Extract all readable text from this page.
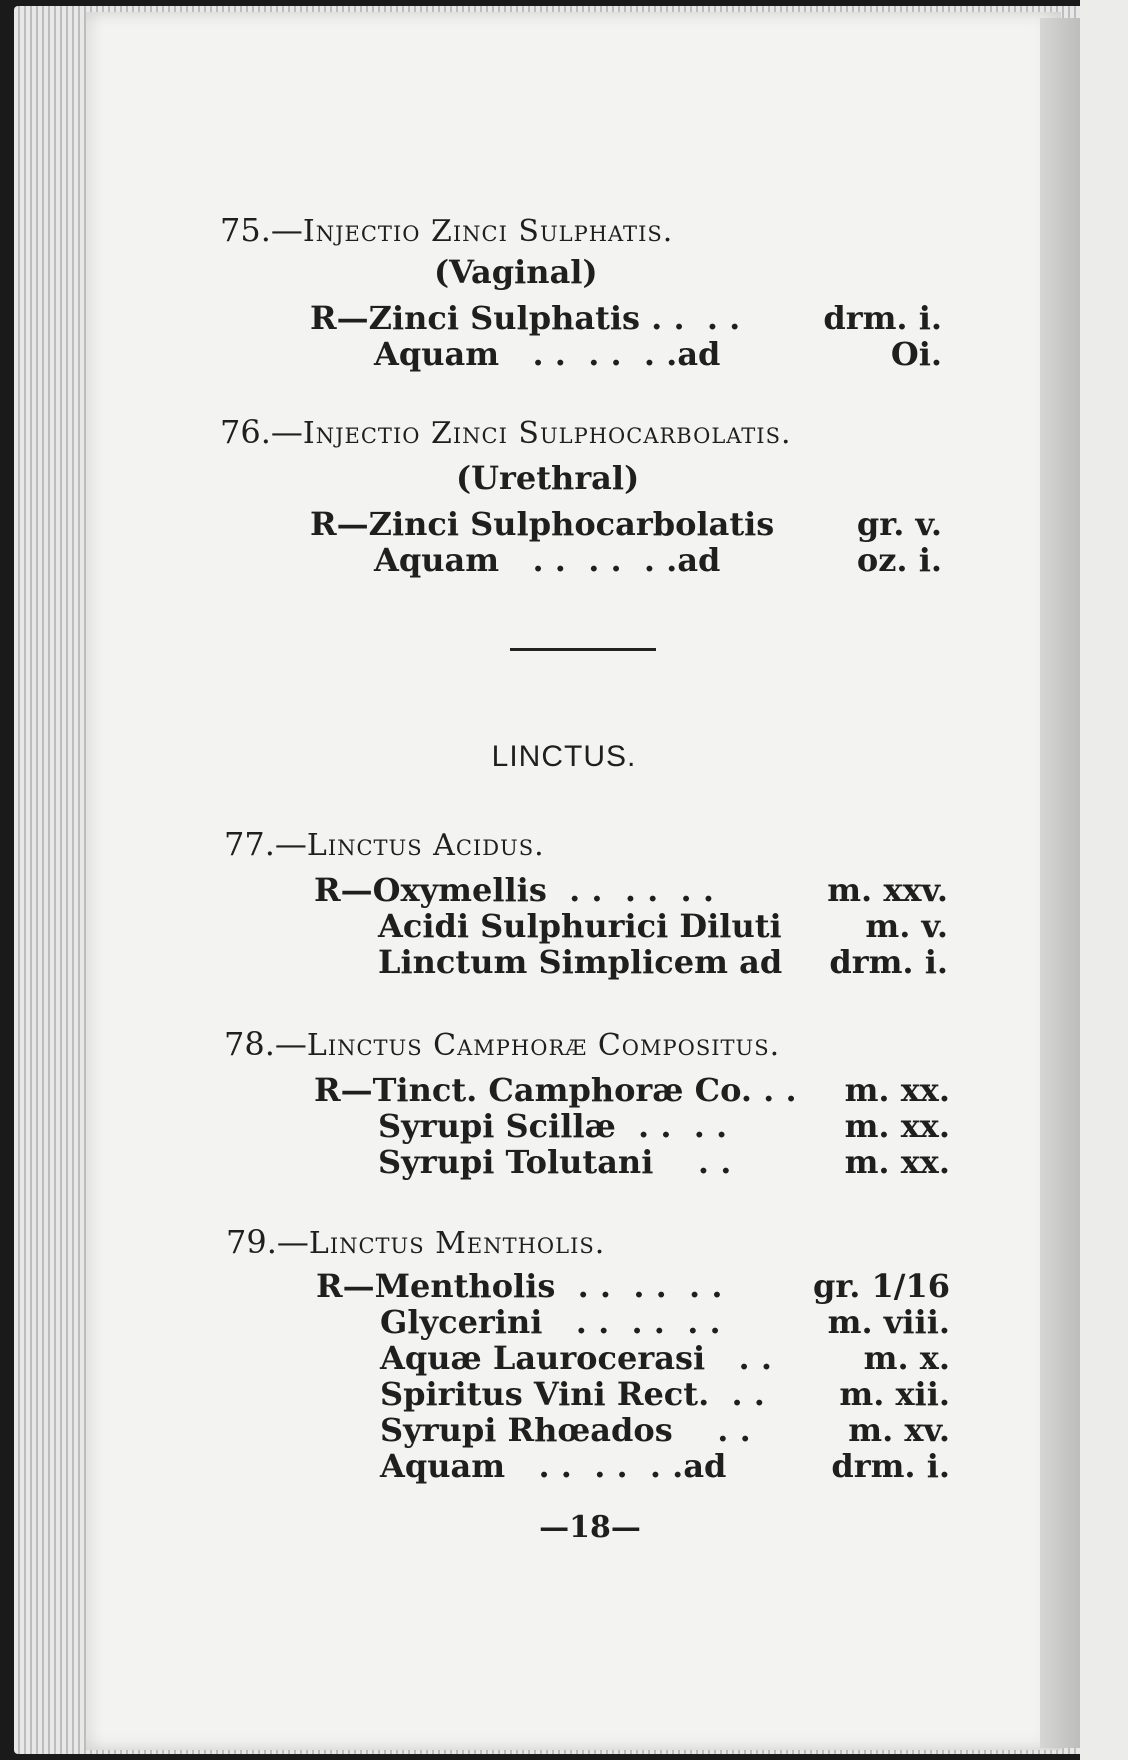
75.—Injectio Zinci Sulphatis.
(Vaginal)
R—Zinci Sulphatis . .  . .	drm. i.
Aquam   . .  . .  . .ad	Oi.
76.—Injectio Zinci Sulphocarbolatis.
(Urethral)
R—Zinci Sulphocarbolatis	gr. v.
Aquam   . .  . .  . .ad	oz. i.
LINCTUS.
77.—Linctus Acidus.
R—Oxymellis  . .  . .  . .	m. xxv.
Acidi Sulphurici Diluti	m. v.
Linctum Simplicem ad drm. i.
78.—Linctus Camphoræ Compositus.
R—Tinct. Camphoræ Co. . . m. xx.
Syrupi Scillæ  . .  . .	m. xx.
Syrupi Tolutani    . .	m. xx.
79.—Linctus Mentholis.
R—Mentholis  . .  . .  . .	gr. 1/16
Glycerini   . .  . .  . .	m. viii.
Aquæ Laurocerasi   . .	m. x.
Spiritus Vini Rect.  . . m. xii.
Syrupi Rhœados    . .	m. xv.
Aquam   . .  . .  . .ad	drm. i.
—18—
